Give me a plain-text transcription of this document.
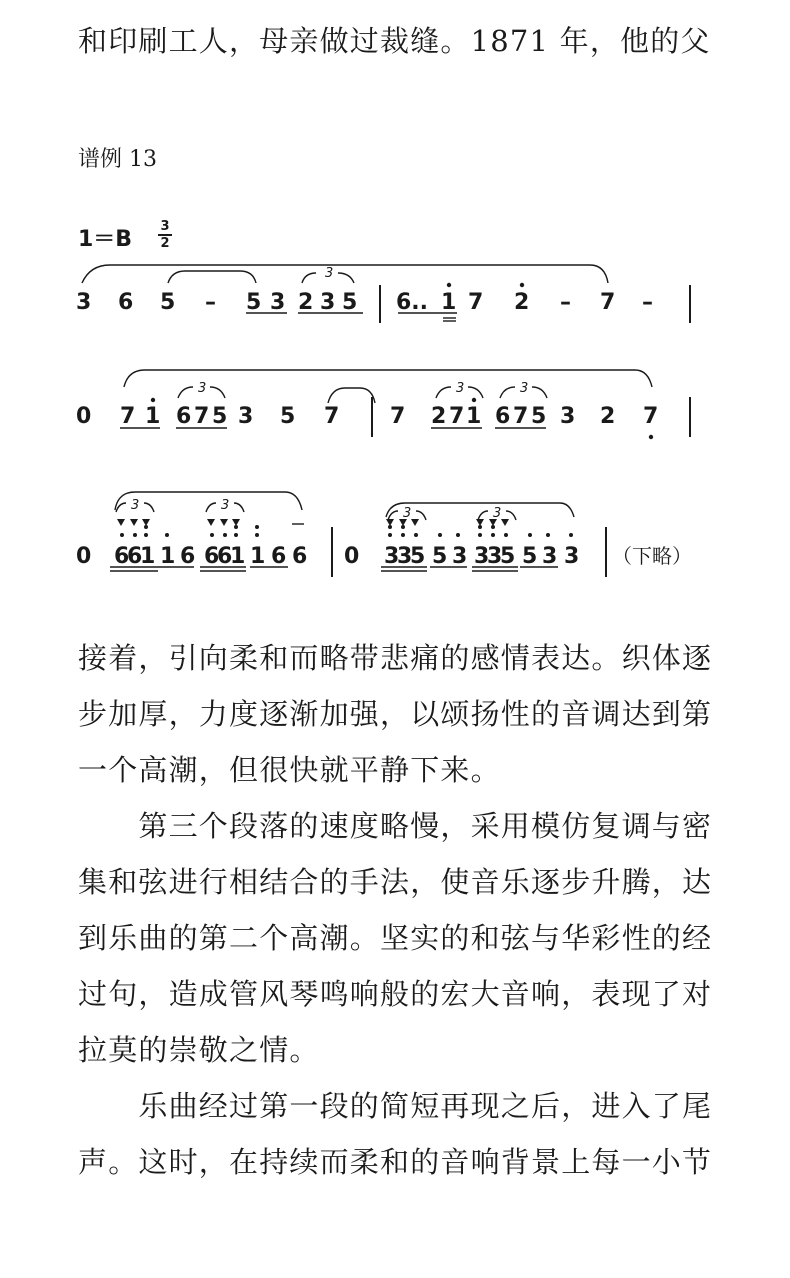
和印刷工人，母亲做过裁缝。1871 年，他的父
谱例 13
1＝B
3
2
3
3	3	3
3	3
3	3
–	–	–
（下略）
3 6 5	5 3 2 3 5 6.. 1 7 2	7
0 7 1 6 7 5 3 5 7 7 2 7 1 6 7 5 3 2 7
0 6
6
1 1 6 6
6
1 1 6 6 0 3
3
5 5 3 3
3
5 5 3 3
接着，引向柔和而略带悲痛的感情表达。织体逐
步加厚，力度逐渐加强，以颂扬性的音调达到第
一个高潮，但很快就平静下来。
　　第三个段落的速度略慢，采用模仿复调与密
集和弦进行相结合的手法，使音乐逐步升腾，达
到乐曲的第二个高潮。坚实的和弦与华彩性的经
过句，造成管风琴鸣响般的宏大音响，表现了对
拉莫的崇敬之情。
　　乐曲经过第一段的简短再现之后，进入了尾
声。这时，在持续而柔和的音响背景上每一小节
